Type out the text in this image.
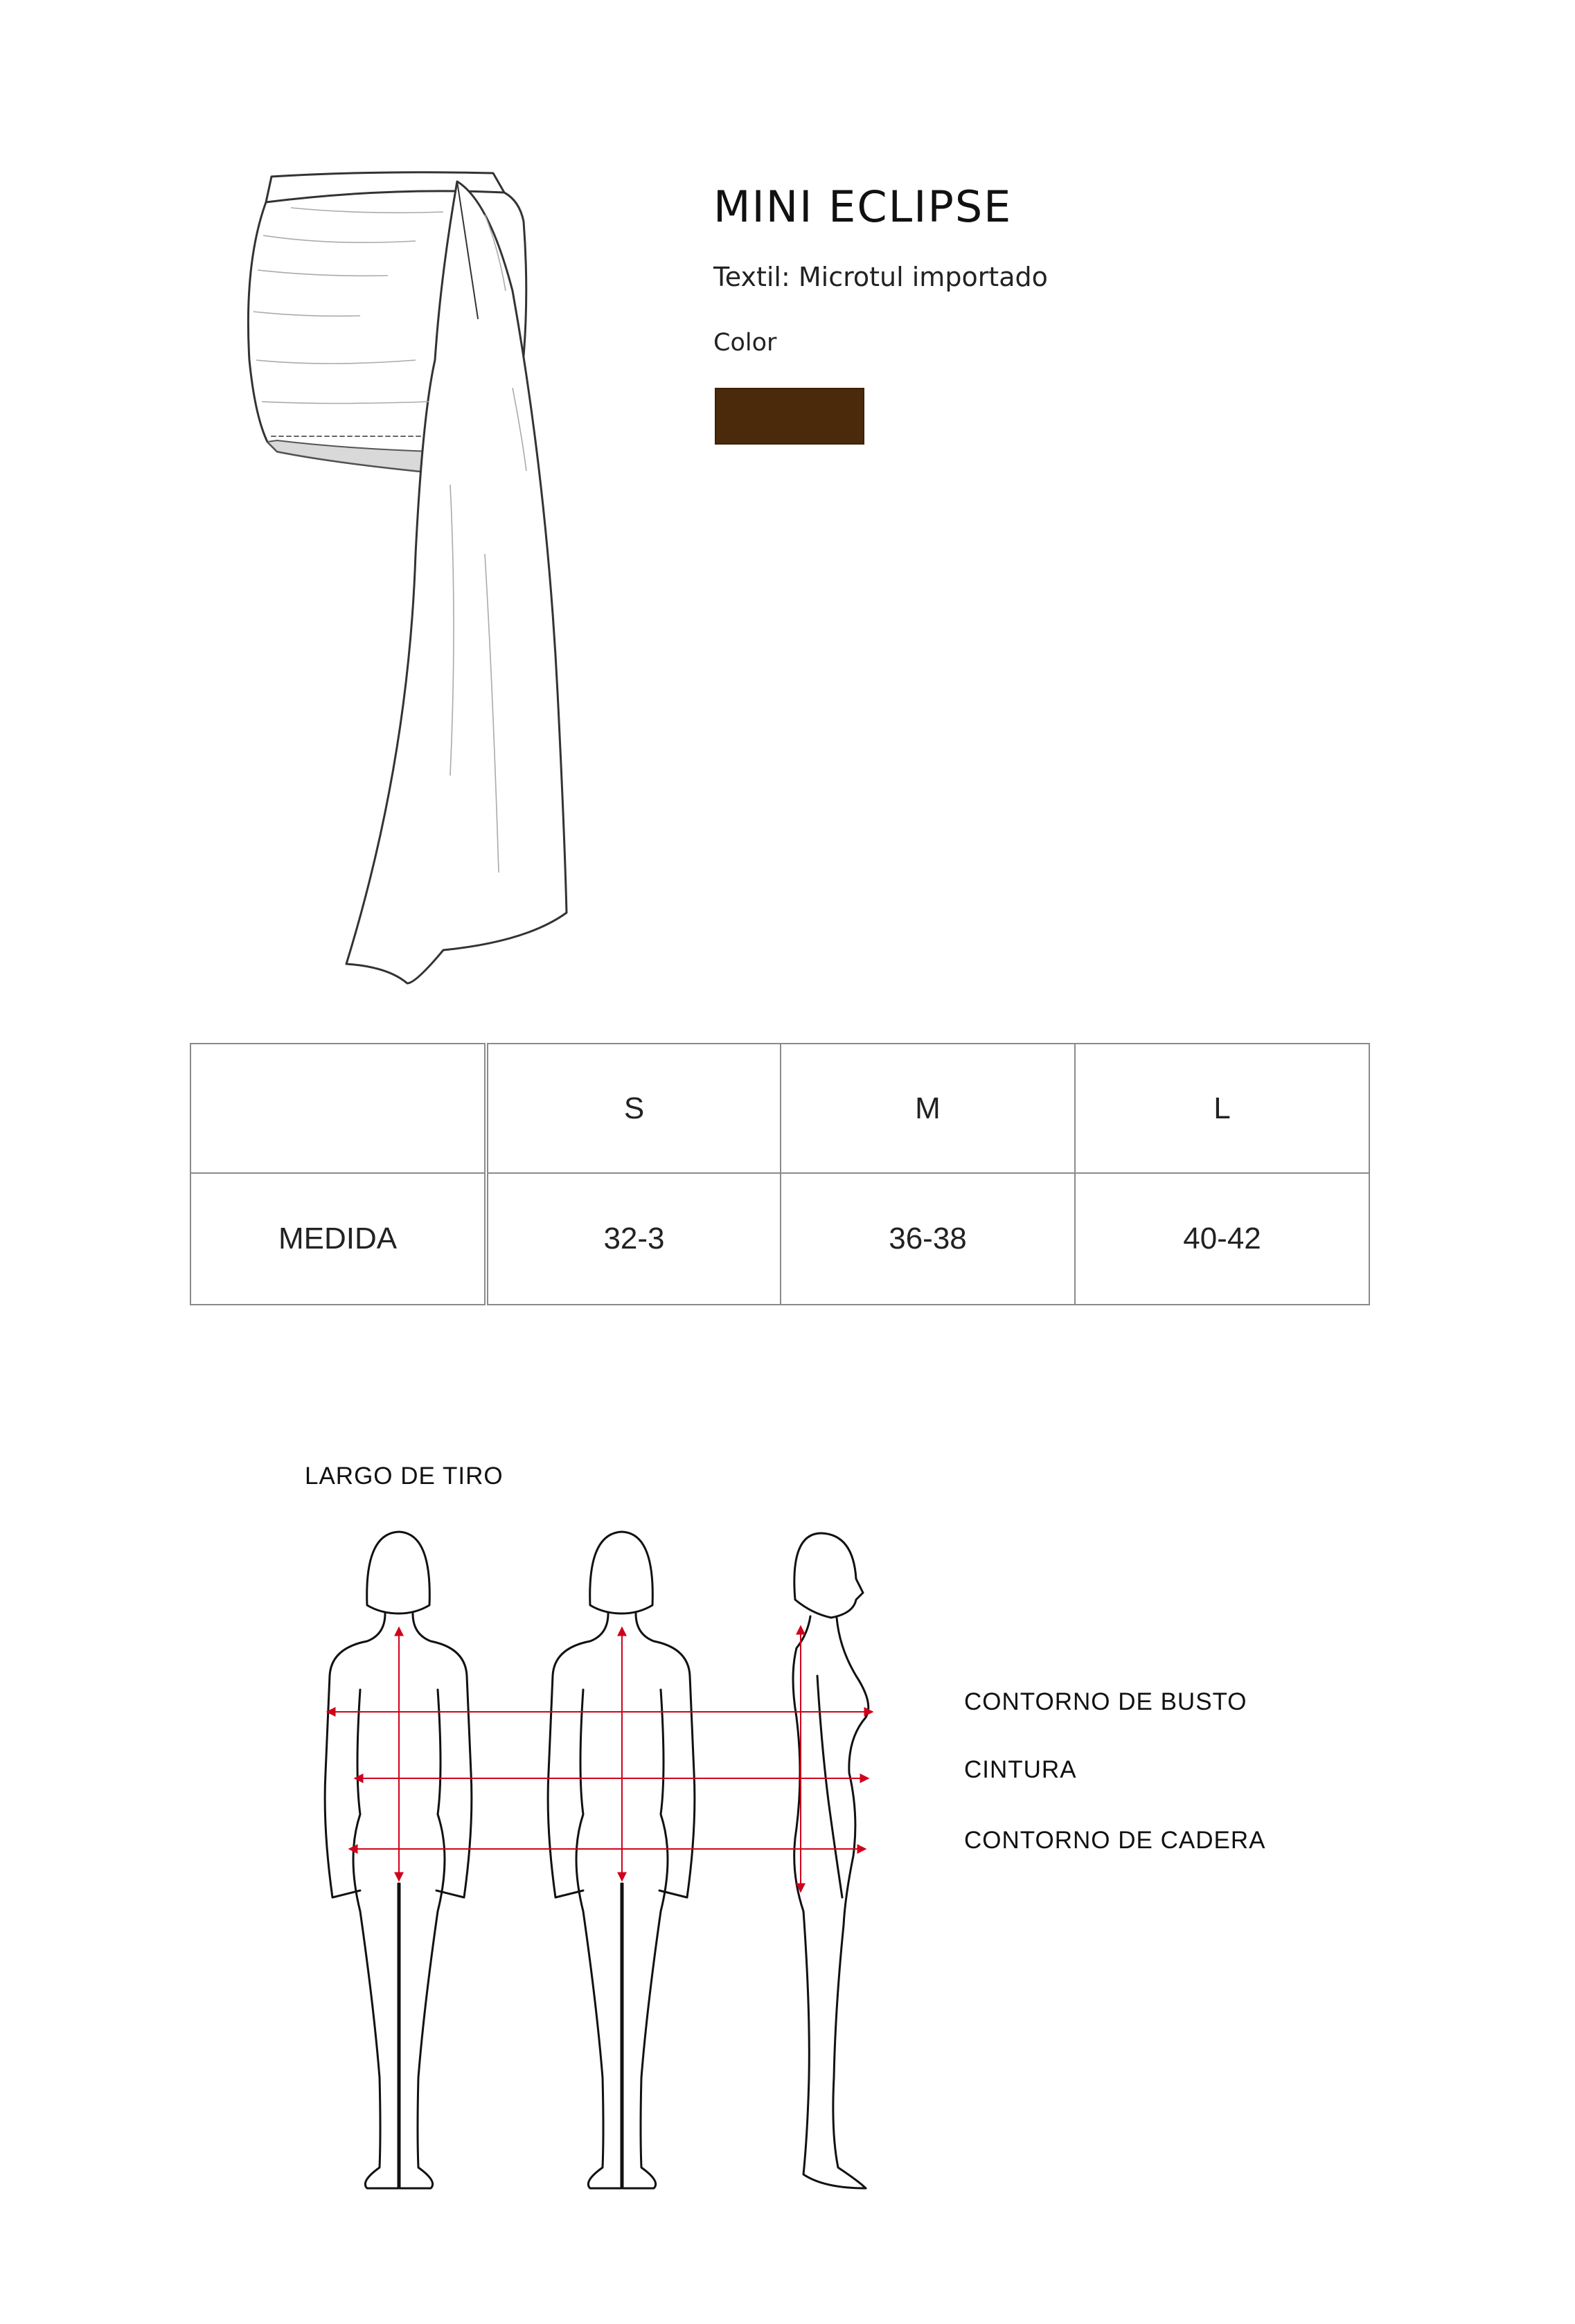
MINI ECLIPSE
Textil: Microtul importado
Color
	S	M	L
MEDIDA	32-3	36-38	40-42
LARGO DE TIRO
CONTORNO DE BUSTO
CINTURA
CONTORNO DE CADERA
